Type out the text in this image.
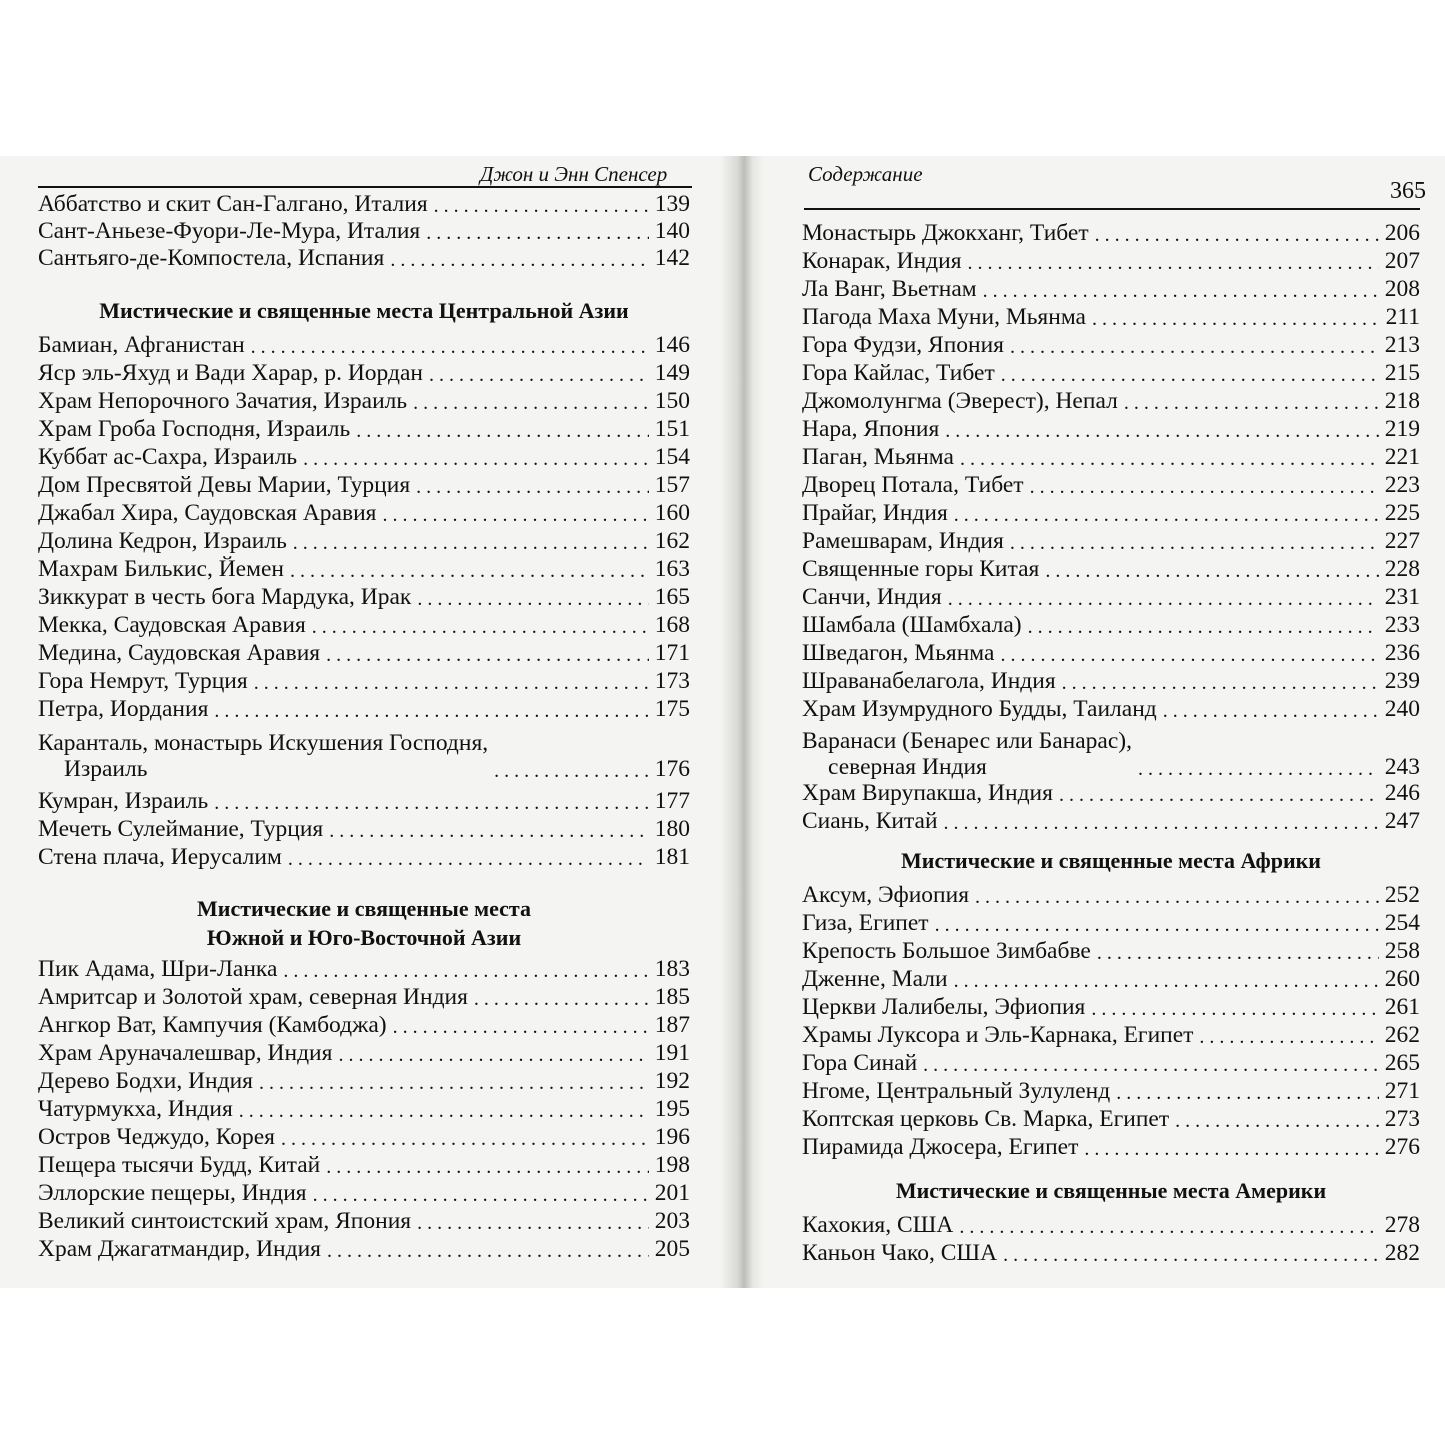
Джон и Энн Спенсер
Аббатство и скит Сан-Галгано, Италия . . .	139
Сант-Аньезе-Фуори-Ле-Мура, Италия . . .	140
Сантьяго-де-Компостела, Испания . . .	142
Мистические и священные места Центральной Азии
Бамиан, Афганистан . . .	146
Яср эль-Яхуд и Вади Харар, р. Иордан . . .	149
Храм Непорочного Зачатия, Израиль . . .	150
Храм Гроба Господня, Израиль . . .	151
Куббат ас-Сахра, Израиль . . .	154
Дом Пресвятой Девы Марии, Турция . . .	157
Джабал Хира, Саудовская Аравия . . .	160
Долина Кедрон, Израиль . . .	162
Махрам Билькис, Йемен . . .	163
Зиккурат в честь бога Мардука, Ирак . . .	165
Мекка, Саудовская Аравия . . .	168
Медина, Саудовская Аравия . . .	171
Гора Немрут, Турция . . .	173
Петра, Иордания . . .	175
Каранталь, монастырь Искушения Господня,
Израиль . . .	176
Кумран, Израиль . . .	177
Мечеть Сулеймание, Турция . . .	180
Стена плача, Иерусалим . . .	181
Мистические и священные места
Южной и Юго-Восточной Азии
Пик Адама, Шри-Ланка . . .	183
Амритсар и Золотой храм, северная Индия . . .	185
Ангкор Ват, Кампучия (Камбоджа) . . .	187
Храм Аруначалешвар, Индия . . .	191
Дерево Бодхи, Индия . . .	192
Чатурмукха, Индия . . .	195
Остров Чеджудо, Корея . . .	196
Пещера тысячи Будд, Китай . . .	198
Эллорские пещеры, Индия . . .	201
Великий синтоистский храм, Япония . . .	203
Храм Джагатмандир, Индия . . .	205
Содержание
365
Монастырь Джокханг, Тибет . . .	206
Конарак, Индия . . .	207
Ла Ванг, Вьетнам . . .	208
Пагода Маха Муни, Мьянма . . .	211
Гора Фудзи, Япония . . .	213
Гора Кайлас, Тибет . . .	215
Джомолунгма (Эверест), Непал . . .	218
Нара, Япония . . .	219
Паган, Мьянма . . .	221
Дворец Потала, Тибет . . .	223
Прайаг, Индия . . .	225
Рамешварам, Индия . . .	227
Священные горы Китая . . .	228
Санчи, Индия . . .	231
Шамбала (Шамбхала) . . .	233
Шведагон, Мьянма . . .	236
Шраванабелагола, Индия . . .	239
Храм Изумрудного Будды, Таиланд . . .	240
Варанаси (Бенарес или Банарас),
северная Индия . . .	243
Храм Вирупакша, Индия . . .	246
Сиань, Китай . . .	247
Мистические и священные места Африки
Аксум, Эфиопия . . .	252
Гиза, Египет . . .	254
Крепость Большое Зимбабве . . .	258
Дженне, Мали . . .	260
Церкви Лалибелы, Эфиопия . . .	261
Храмы Луксора и Эль-Карнака, Египет . . .	262
Гора Синай . . .	265
Нгоме, Центральный Зулуленд . . .	271
Коптская церковь Св. Марка, Египет . . .	273
Пирамида Джосера, Египет . . .	276
Мистические и священные места Америки
Кахокия, США . . .	278
Каньон Чако, США . . .	282
